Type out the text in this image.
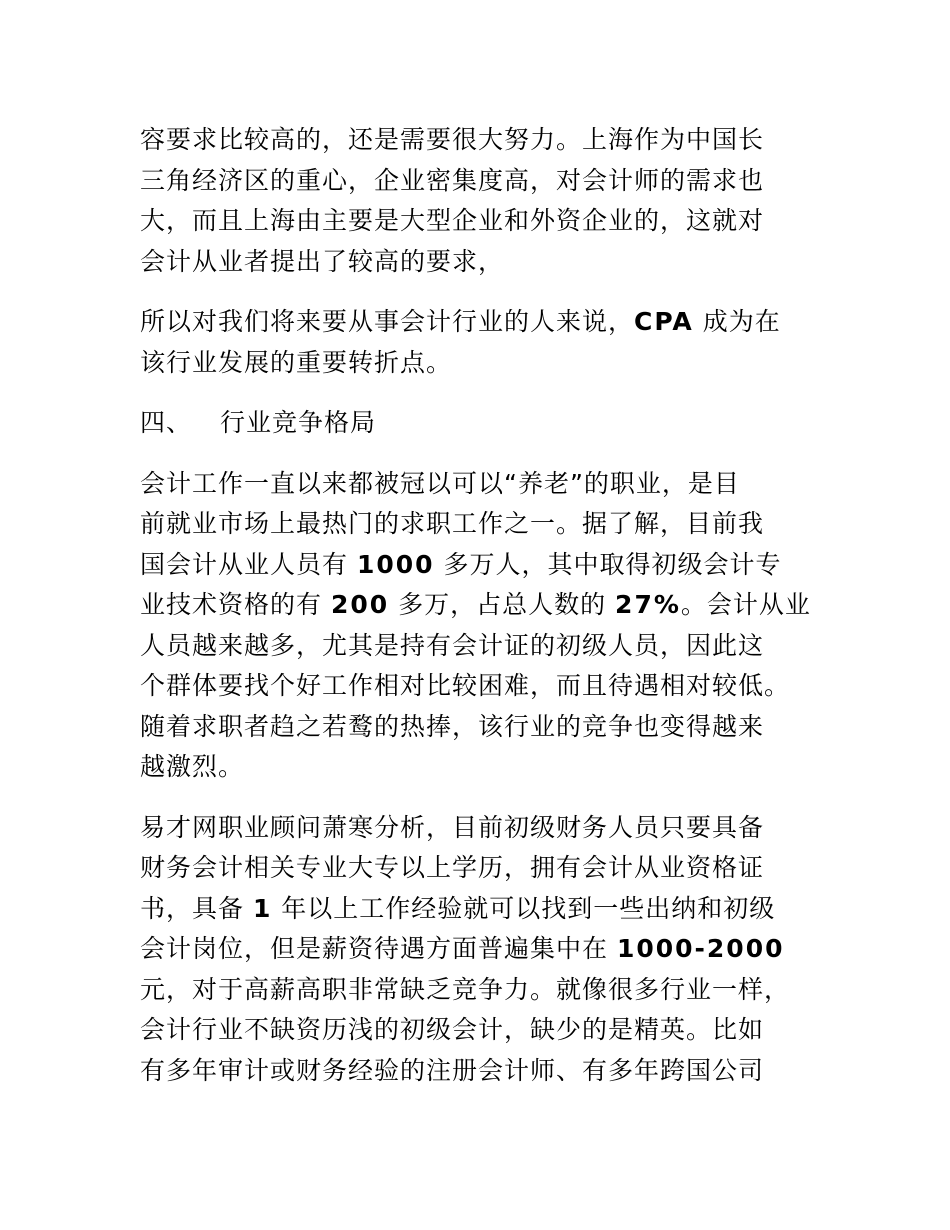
容要求比较高的，还是需要很大努力。上海作为中国长
三角经济区的重心，企业密集度高，对会计师的需求也
大，而且上海由主要是大型企业和外资企业的，这就对
会计从业者提出了较高的要求，
所以对我们将来要从事会计行业的人来说，CPA 成为在
该行业发展的重要转折点。
四、 行业竞争格局
会计工作一直以来都被冠以可以“养老”的职业，是目
前就业市场上最热门的求职工作之一。据了解，目前我
国会计从业人员有 1000 多万人，其中取得初级会计专
业技术资格的有 200 多万，占总人数的 27%。会计从业
人员越来越多，尤其是持有会计证的初级人员，因此这
个群体要找个好工作相对比较困难，而且待遇相对较低。
随着求职者趋之若鹜的热捧，该行业的竞争也变得越来
越激烈。
易才网职业顾问萧寒分析，目前初级财务人员只要具备
财务会计相关专业大专以上学历，拥有会计从业资格证
书，具备 1 年以上工作经验就可以找到一些出纳和初级
会计岗位，但是薪资待遇方面普遍集中在 1000-2000
元，对于高薪高职非常缺乏竞争力。就像很多行业一样，
会计行业不缺资历浅的初级会计，缺少的是精英。比如
有多年审计或财务经验的注册会计师、有多年跨国公司
